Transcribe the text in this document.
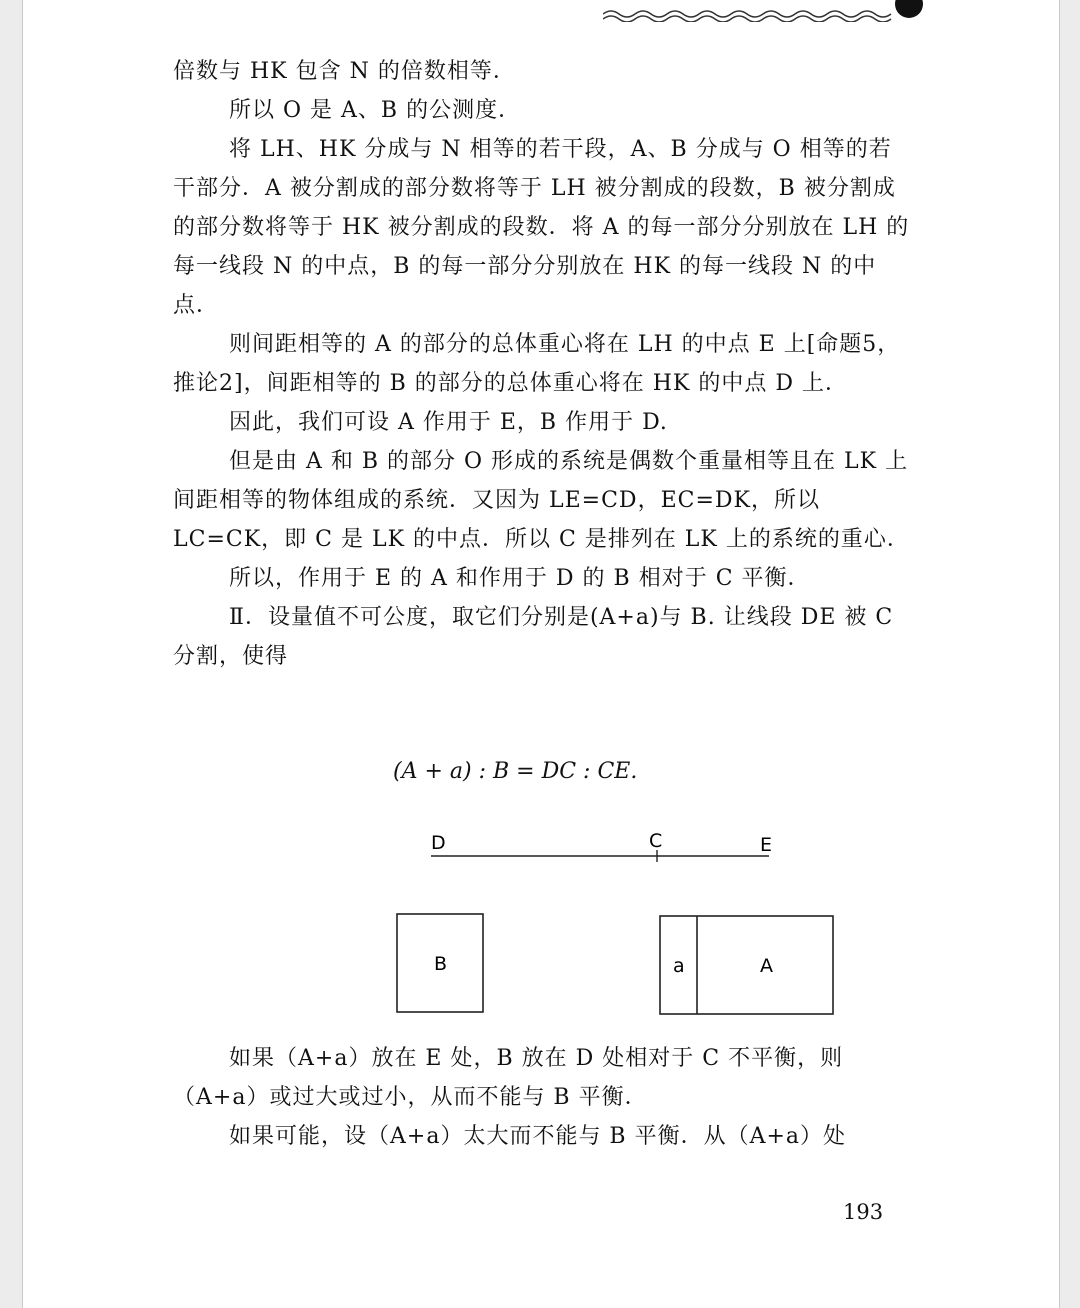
倍数与 HK 包含 N 的倍数相等．

所以 O 是 A、B 的公测度．

将 LH、HK 分成与 N 相等的若干段，A、B 分成与 O 相等的若干部分．A 被分割成的部分数将等于 LH 被分割成的段数，B 被分割成的部分数将等于 HK 被分割成的段数．将 A 的每一部分分别放在 LH 的每一线段 N 的中点，B 的每一部分分别放在 HK 的每一线段 N 的中点．

则间距相等的 A 的部分的总体重心将在 LH 的中点 E 上[命题5，推论2]，间距相等的 B 的部分的总体重心将在 HK 的中点 D 上．

因此，我们可设 A 作用于 E，B 作用于 D.

但是由 A 和 B 的部分 O 形成的系统是偶数个重量相等且在 LK 上间距相等的物体组成的系统．又因为 LE=CD，EC=DK，所以 LC=CK，即 C 是 LK 的中点．所以 C 是排列在 LK 上的系统的重心．

所以，作用于 E 的 A 和作用于 D 的 B 相对于 C 平衡．

Ⅱ．设量值不可公度，取它们分别是(A+a)与 B. 让线段 DE 被 C 分割，使得

(A + a) : B = DC : CE.
D	C	E
B	a	A

如果（A+a）放在 E 处，B 放在 D 处相对于 C 不平衡，则（A+a）或过大或过小，从而不能与 B 平衡．

如果可能，设（A+a）太大而不能与 B 平衡．从（A+a）处

193
